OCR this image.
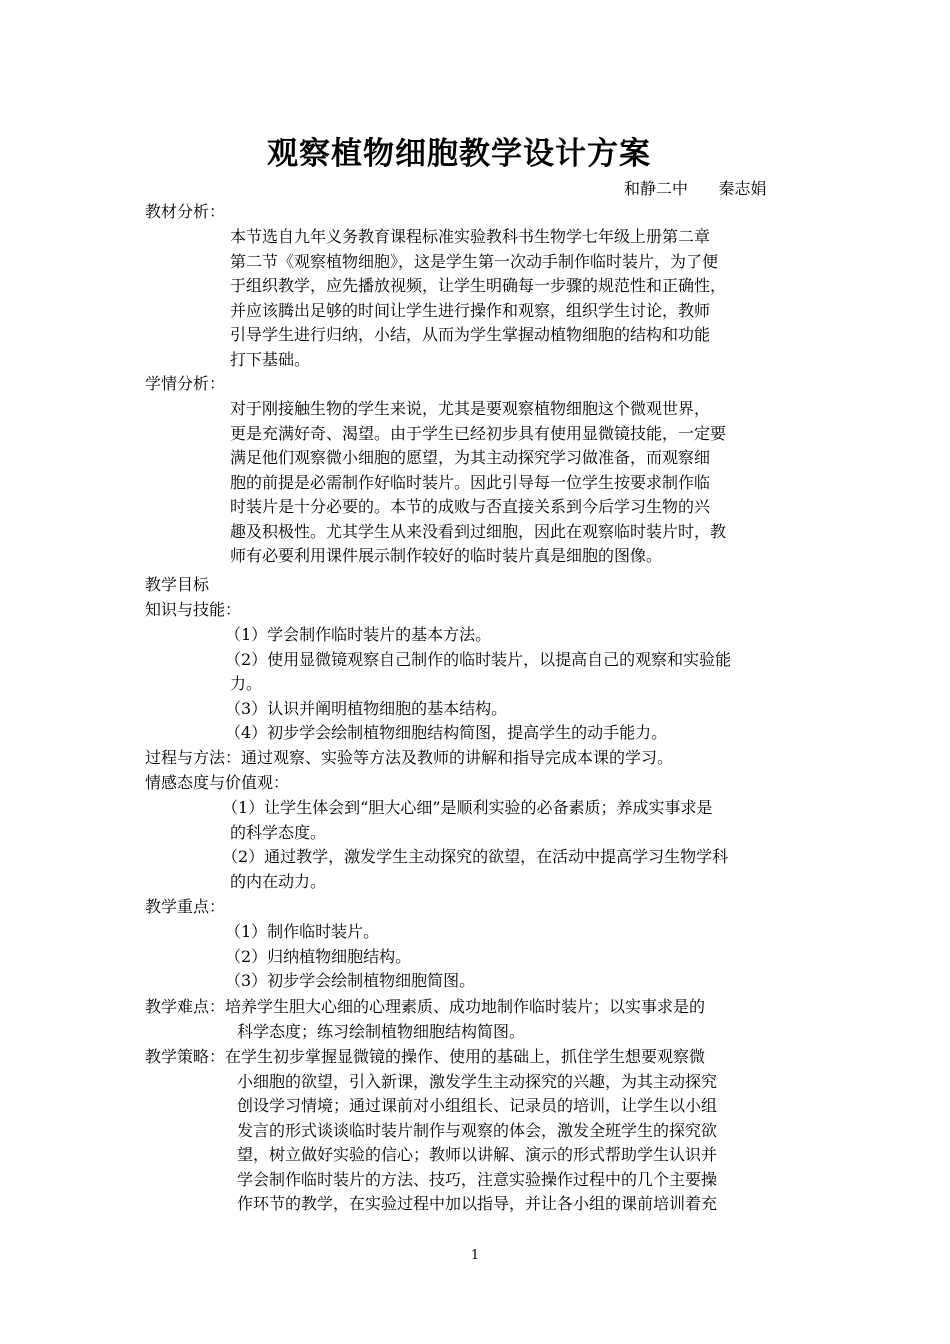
观察植物细胞教学设计方案
和静二中      秦志娟
教材分析：
本节选自九年义务教育课程标准实验教科书生物学七年级上册第二章
第二节《观察植物细胞》，这是学生第一次动手制作临时装片，为了便
于组织教学，应先播放视频，让学生明确每一步骤的规范性和正确性，
并应该腾出足够的时间让学生进行操作和观察，组织学生讨论，教师
引导学生进行归纳，小结，从而为学生掌握动植物细胞的结构和功能
打下基础。
学情分析：
对于刚接触生物的学生来说，尤其是要观察植物细胞这个微观世界，
更是充满好奇、渴望。由于学生已经初步具有使用显微镜技能，一定要
满足他们观察微小细胞的愿望，为其主动探究学习做准备，而观察细
胞的前提是必需制作好临时装片。因此引导每一位学生按要求制作临
时装片是十分必要的。本节的成败与否直接关系到今后学习生物的兴
趣及积极性。尤其学生从来没看到过细胞，因此在观察临时装片时，教
师有必要利用课件展示制作较好的临时装片真是细胞的图像。
教学目标
知识与技能：
（1）学会制作临时装片的基本方法。
（2）使用显微镜观察自己制作的临时装片，以提高自己的观察和实验能
力。
（3）认识并阐明植物细胞的基本结构。
（4）初步学会绘制植物细胞结构简图，提高学生的动手能力。
过程与方法：通过观察、实验等方法及教师的讲解和指导完成本课的学习。
情感态度与价值观：
（1）让学生体会到“胆大心细”是顺利实验的必备素质；养成实事求是
的科学态度。
（2）通过教学，激发学生主动探究的欲望，在活动中提高学习生物学科
的内在动力。
教学重点：
（1）制作临时装片。
（2）归纳植物细胞结构。
（3）初步学会绘制植物细胞简图。
教学难点：培养学生胆大心细的心理素质、成功地制作临时装片；以实事求是的
科学态度；练习绘制植物细胞结构简图。
教学策略：在学生初步掌握显微镜的操作、使用的基础上，抓住学生想要观察微
小细胞的欲望，引入新课，激发学生主动探究的兴趣，为其主动探究
创设学习情境；通过课前对小组组长、记录员的培训，让学生以小组
发言的形式谈谈临时装片制作与观察的体会，激发全班学生的探究欲
望，树立做好实验的信心；教师以讲解、演示的形式帮助学生认识并
学会制作临时装片的方法、技巧，注意实验操作过程中的几个主要操
作环节的教学，在实验过程中加以指导，并让各小组的课前培训着充
1
